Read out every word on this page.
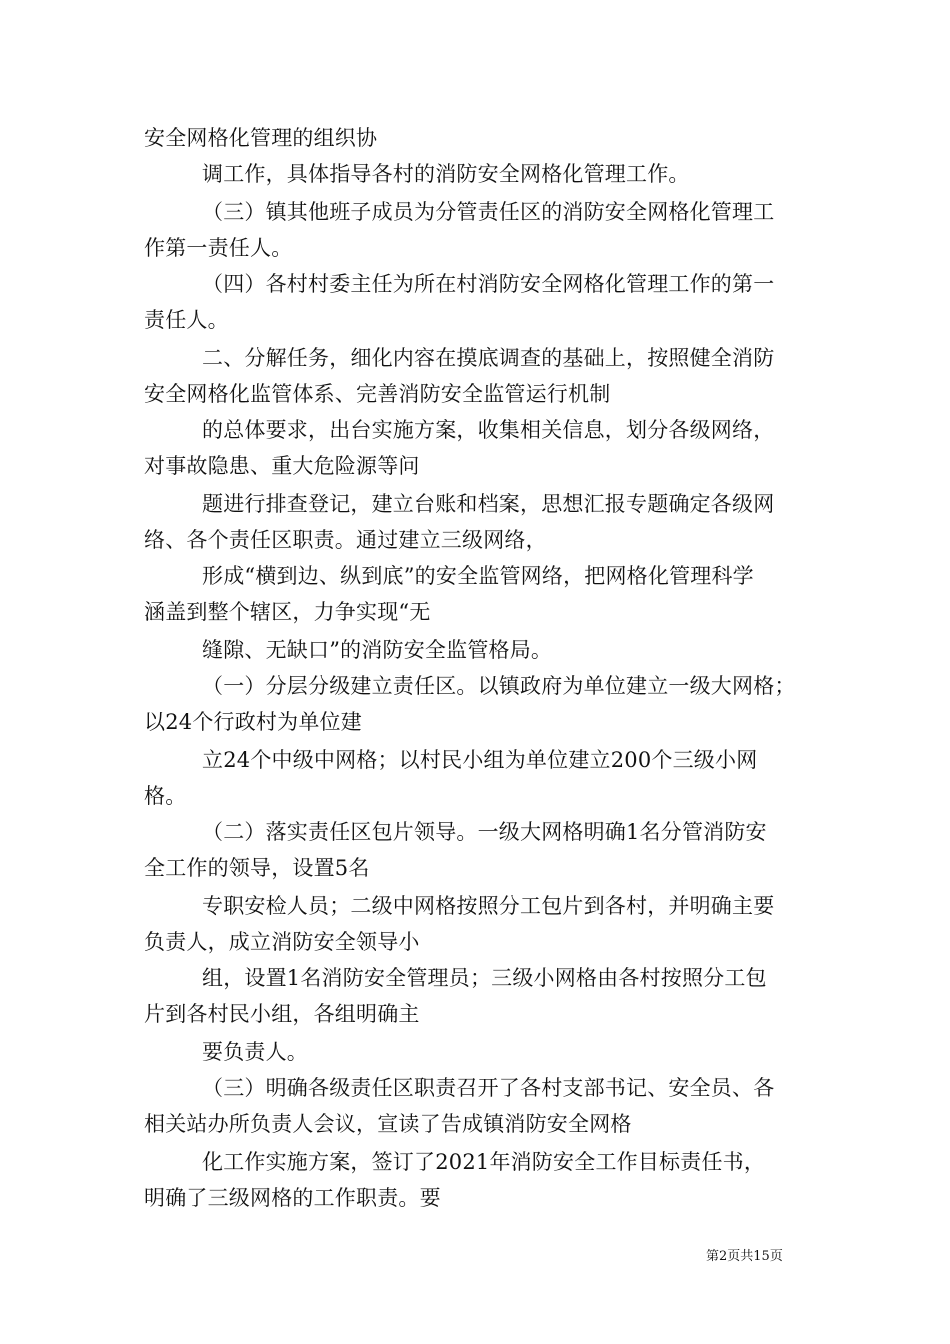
安全网格化管理的组织协
调工作，具体指导各村的消防安全网格化管理工作。
（三）镇其他班子成员为分管责任区的消防安全网格化管理工
作第一责任人。
（四）各村村委主任为所在村消防安全网格化管理工作的第一
责任人。
二、分解任务，细化内容在摸底调查的基础上，按照健全消防
安全网格化监管体系、完善消防安全监管运行机制
的总体要求，出台实施方案，收集相关信息，划分各级网络，
对事故隐患、重大危险源等问
题进行排查登记，建立台账和档案，思想汇报专题确定各级网
络、各个责任区职责。通过建立三级网络，
形成“横到边、纵到底”的安全监管网络，把网格化管理科学
涵盖到整个辖区，力争实现“无
缝隙、无缺口”的消防安全监管格局。
（一）分层分级建立责任区。以镇政府为单位建立一级大网格；
以24个行政村为单位建
立24个中级中网格；以村民小组为单位建立200个三级小网
格。
（二）落实责任区包片领导。一级大网格明确1名分管消防安
全工作的领导，设置5名
专职安检人员；二级中网格按照分工包片到各村，并明确主要
负责人，成立消防安全领导小
组，设置1名消防安全管理员；三级小网格由各村按照分工包
片到各村民小组，各组明确主
要负责人。
（三）明确各级责任区职责召开了各村支部书记、安全员、各
相关站办所负责人会议，宣读了告成镇消防安全网格
化工作实施方案，签订了2021年消防安全工作目标责任书，
明确了三级网格的工作职责。要
第2页共15页
